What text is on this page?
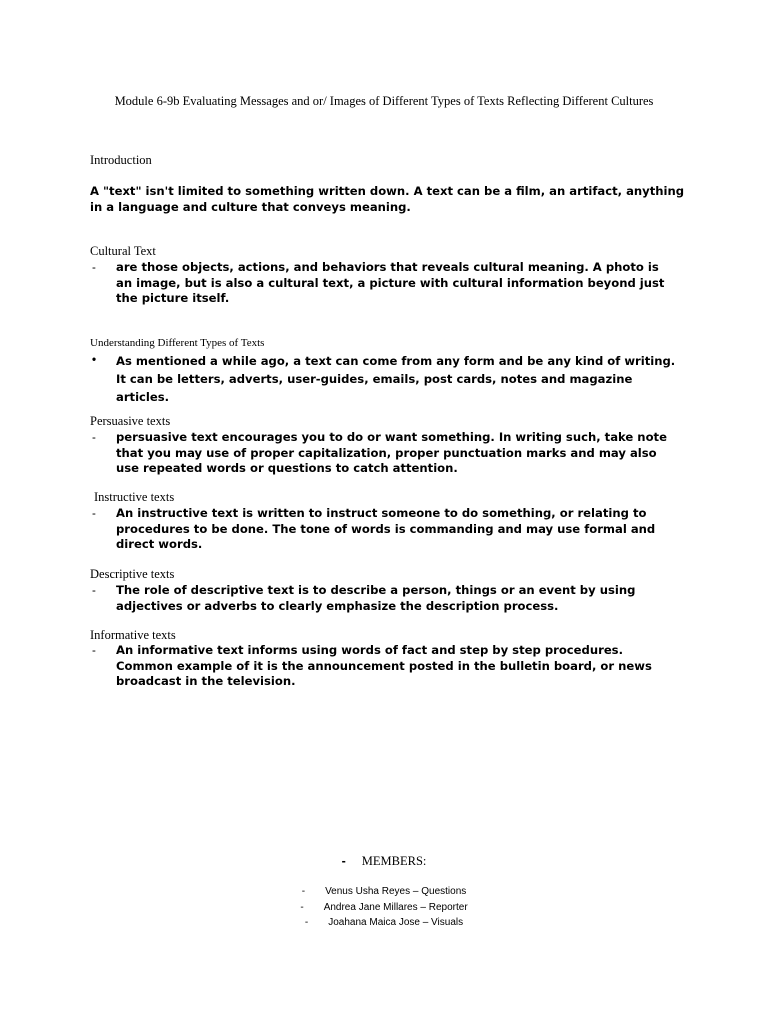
Module 6-9b Evaluating Messages and or/ Images of Different Types of Texts Reflecting Different Cultures
Introduction
A "text" isn't limited to something written down. A text can be a film, an artifact, anything in a language and culture that conveys meaning.
Cultural Text
- are those objects, actions, and behaviors that reveals cultural meaning. A photo is an image, but is also a cultural text, a picture with cultural information beyond just the picture itself.
Understanding Different Types of Texts
• As mentioned a while ago, a text can come from any form and be any kind of writing. It can be letters, adverts, user-guides, emails, post cards, notes and magazine articles.
Persuasive texts
- persuasive text encourages you to do or want something. In writing such, take note that you may use of proper capitalization, proper punctuation marks and may also use repeated words or questions to catch attention.
Instructive texts
- An instructive text is written to instruct someone to do something, or relating to procedures to be done. The tone of words is commanding and may use formal and direct words.
Descriptive texts
- The role of descriptive text is to describe a person, things or an event by using adjectives or adverbs to clearly emphasize the description process.
Informative texts
- An informative text informs using words of fact and step by step procedures. Common example of it is the announcement posted in the bulletin board, or news broadcast in the television.
- MEMBERS:
- Venus Usha Reyes – Questions
- Andrea Jane Millares – Reporter
- Joahana Maica Jose – Visuals
